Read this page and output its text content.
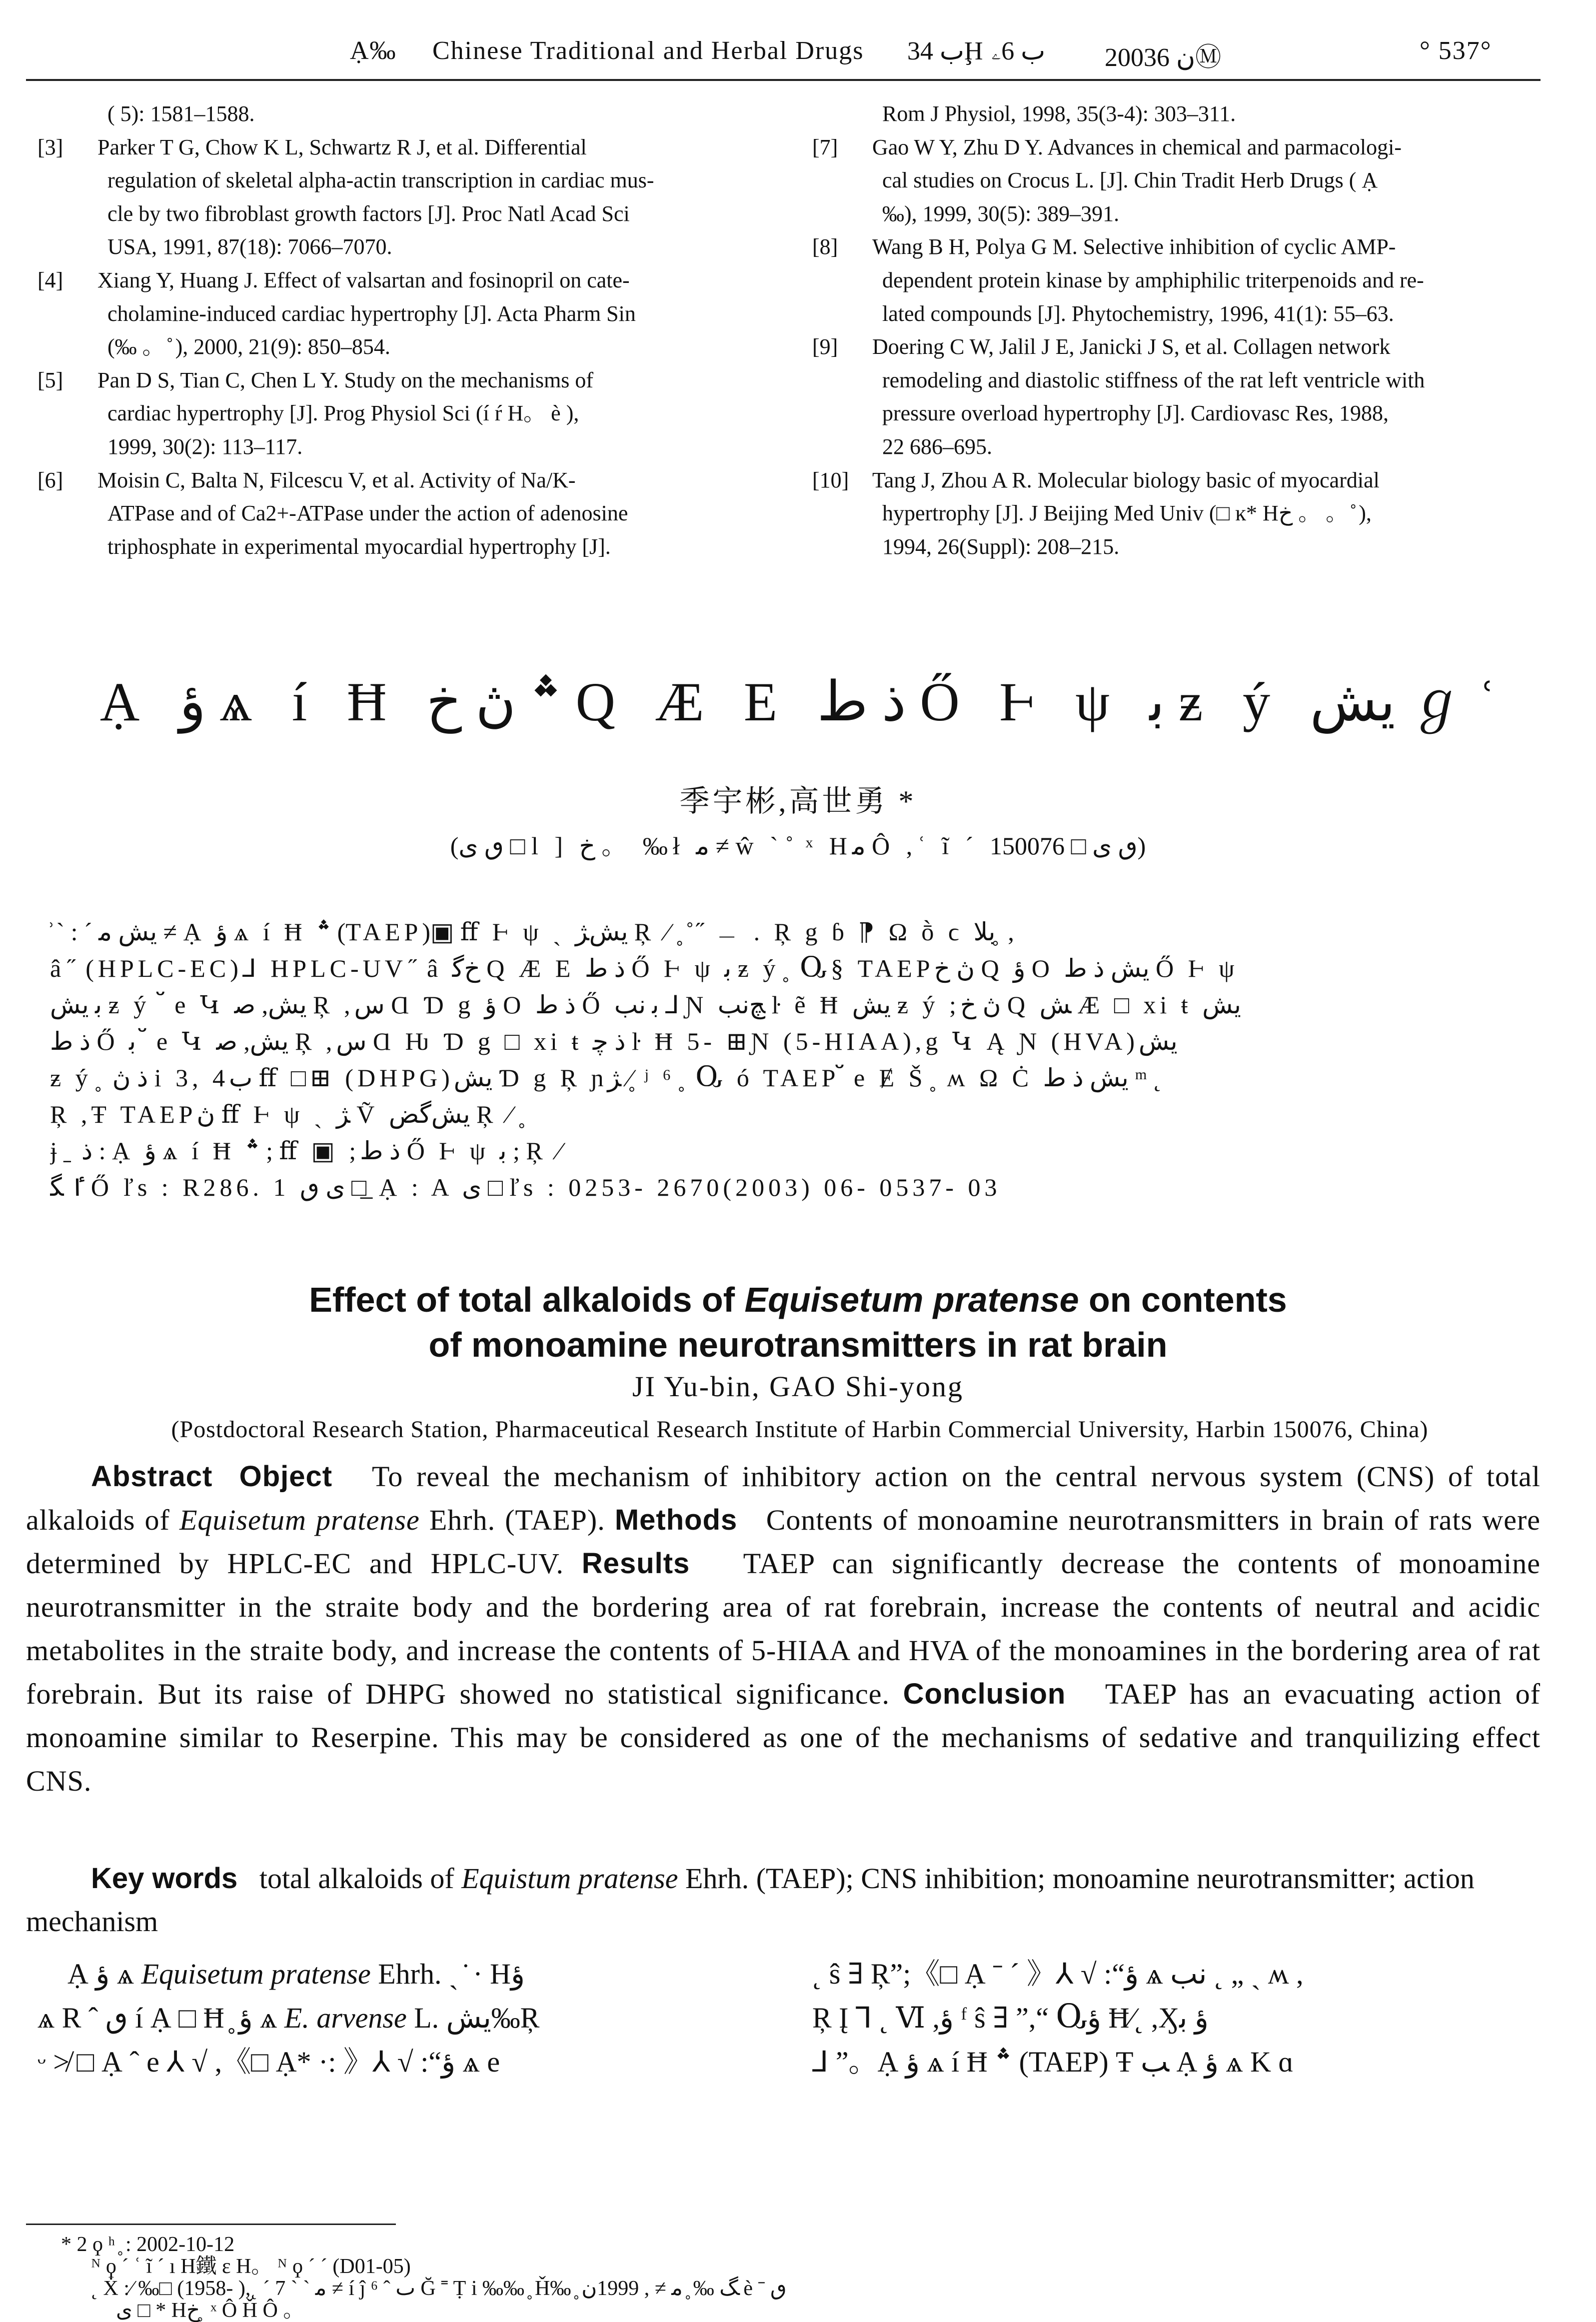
Ạ‰ Chinese Traditional and Herbal Drugs ب 34Ḩ ب 6ۦ 2003ن 6Ⓜ	° 537°
( 5): 1581–1588.
[3] Parker T G, Chow K L, Schwartz R J, et al. Differential
regulation of skeletal alpha-actin transcription in cardiac mus-
cle by two fibroblast growth factors [J]. Proc Natl Acad Sci
USA, 1991, 87(18): 7066–7070.
[4] Xiang Y, Huang J. Effect of valsartan and fosinopril on cate-
cholamine-induced cardiac hypertrophy [J]. Acta Pharm Sin
(‰ 。 ̊ ), 2000, 21(9): 850–854.
[5] Pan D S, Tian C, Chen L Y. Study on the mechanisms of
cardiac hypertrophy [J]. Prog Physiol Sci (í ŕ H。 è ),
1999, 30(2): 113–117.
[6] Moisin C, Balta N, Filcescu V, et al. Activity of Na/K-
ATPase and of Ca2+-ATPase under the action of adenosine
triphosphate in experimental myocardial hypertrophy [J].
Rom J Physiol, 1998, 35(3-4): 303–311.
[7] Gao W Y, Zhu D Y. Advances in chemical and parmacologi-
cal studies on Crocus L. [J]. Chin Tradit Herb Drugs ( Ạ
‰), 1999, 30(5): 389–391.
[8] Wang B H, Polya G M. Selective inhibition of cyclic AMP-
dependent protein kinase by amphiphilic triterpenoids and re-
lated compounds [J]. Phytochemistry, 1996, 41(1): 55–63.
[9] Doering C W, Jalil J E, Janicki J S, et al. Collagen network
remodeling and diastolic stiffness of the rat left ventricle with
pressure overload hypertrophy [J]. Cardiovasc Res, 1988,
22 686–695.
[10] Tang J, Zhou A R. Molecular biology basic of myocardial
hypertrophy [J]. J Beijing Med Univ (□ ĸ* Hخ 。 。 ̊ ),
1994, 26(Suppl): 208–215.
Ạ ؤ ѧ í Ħ ؞ ڽ خ Q Æ E ذ ط Ő Ⱶ ψ ﺑ ƶ ý ﯾﺶ ℊ ʿ
季宇彬,高世勇 *
(ٯ ى □ l ] خ 。 ‰ł ﻣ ≠ ŵ ˋ ̊ ˣ Hﻣ Ô ,ʿ ĩ ˊ ٯ ى □ 150076)
̊ ˋ : ˊ ﯾﺶ ﻣ ≠ Ạ ؤ ѧ í Ħ ؞ (TAEP)▣ ﬀ Ⱶ ψ ˎ ﯾﺶﮋ Ŗ ⁄ ̥ ̊ ̋ ﹘ . Ŗ g ɓ ⁋ Ω ṑ ϲ ﺑﻼ ̥ ,
â ̋ (HPLC-EC)⅃ HPLC-UV ̋ â خﮔ Q Æ E ذ ط Ő Ⱶ ψ ﺑ ƶ ý ̥ Ⴍ§ TAEPڽ خ Q ؤ O ﯾﺶ ذ ط Ő Ⱶ ψ
ﺑ ﯾﺶ ƶ ý ﬞ e Կ ﯾﺶ, ﺻ Ŗ ,ﺱ Ɑ Ɗ g ؤ O ذ ط Ő ﺑ ﻧﺐ ⅃ Ɲ ﭻﻧﺐ ŀ ẽ Ħ ﯾﺶ ƶ ý ;ڽ خ Q ﺶ Æ □ xi ŧ ﯾﺶ
ذ ط Ő ﺑ ﬞ e Կ ﯾﺶ, ﺻ Ŗ ,ﺱ Ɑ Ƕ Ɗ g □ xi ŧ ذ ﭼ ŀ Ħ 5- ⊞Ɲ (5-HIAA),g Կ Ą Ɲ (HVA)ﯾﺶ
ƶ ý ̥ ذ ڽ i 3, 4ب ﬀ □⊞ (DHPG)ﯾﺶ Ɗ g Ŗ ɲﮋ ⁄ ̥ ʲ ⁶ ̥ Ⴍ ó TAEPﬞ e Ɇ Š ̥ ʍ Ω Ċ ﯾﺶ ذ ط ᵐ ̨
Ŗ ,Ŧ TAEPڽ ﬀ Ⱶ ψ ˎ ﮋ Ṽ ﯾﺶﮔﺾ Ŗ ⁄ ̥
ɉ ̱ ذ : Ạ ؤ ѧ í Ħ ؞ ; ﬀ ▣ ;ذ ط Ő Ⱶ ψ ﺑ ; Ŗ ⁄
ٵ ﮕ Ő ľs : R286. 1 ى ٯ □ ̲ Ạ : A ى □ ľs : 0253- 2670(2003) 06- 0537- 03
Effect of total alkaloids of Equisetum pratense on contents
of monoamine neurotransmitters in rat brain
JI Yu-bin, GAO Shi-yong
(Postdoctoral Research Station, Pharmaceutical Research Institute of Harbin Commercial University, Harbin 150076, China)
Abstract Object To reveal the mechanism of inhibitory action on the central nervous system (CNS) of total alkaloids of Equisetum pratense Ehrh. (TAEP). Methods Contents of monoamine neurotransmitters in brain of rats were determined by HPLC-EC and HPLC-UV. Results TAEP can significantly decrease the contents of monoamine neurotransmitter in the straite body and the bordering area of rat forebrain, increase the contents of neutral and acidic metabolites in the straite body, and increase the contents of 5-HIAA and HVA of the monoamines in the bordering area of rat forebrain. But its raise of DHPG showed no statistical significance. Conclusion TAEP has an evacuating action of monoamine similar to Reserpine. This may be considered as one of the mechanisms of sedative and tranquilizing effect CNS.
Key words total alkaloids of Equistum pratense Ehrh. (TAEP); CNS inhibition; monoamine neurotransmitter; action mechanism
Ạ ؤ ѧ Equisetum pratense Ehrh. ˎ ̇ · Hؤ
ѧ R ˆ ٯ í Ạ □ Ħ ̥ ؤ ѧ E. arvense L. ﯾﺶ‰Ŗ
ᵕ ≯ □ Ạ ˆ e ⅄ √ ,《□ Ạ* ·: 》⅄ √ :“ؤ ѧ e
˛ ŝ ∃ Ŗ”;《□ Ạ ˉ ˊ 》⅄ √ :“ؤ ѧ ﻧﺐ ˛ „ ˎ ʍ ,
Ŗ Į ⅂ ˛ Ⅵ ,ؤ ᶠ ŝ ∃ ”,“ Ⴍؤ Ħ⁄˛ ,Ӽؤ ﺑ
⅃ ”。Ạ ؤ ѧ í Ħ ؞ (TAEP) Ŧ ﺐ Ạ ؤ ѧ K ɑ
* 2 ϙ ʰ ̥ : 2002-10-12
ᴺ ϙ ˊ ʿ ĩ ˊ ı H鐵 ε H。 ᴺ ϙ ˊ ˊ (D01-05)
˛ Ẋ :⁄ ‰□ (1958- ),˛ ˊ 7 ˋ ˋ ﻣ ≠ í ĵ ⁶ ˆ ٮ Ğ ˭ Ṭ i ‰‰ ̥ Ȟ‰ ̥ ﮓ ‰ ̥ ﻣ ≠ , 1999ن è ˉ ٯ
ى □ * Hخ ̥ ˣ Ô Ȟ Ô 。
